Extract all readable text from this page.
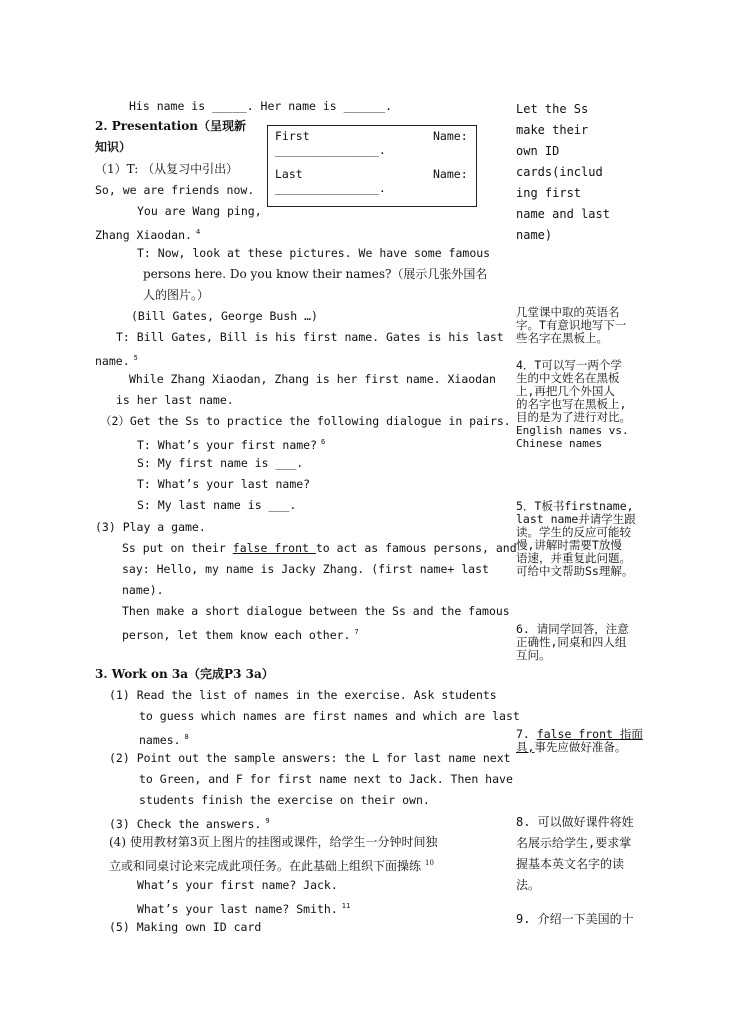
His name is _____. Her name is ______.
2. Presentation（呈现新
知识）
First	Name:
_______________.
Last	Name:
_______________.
（1）T: （从复习中引出）
So, we are friends now.
You are Wang ping,
Zhang Xiaodan. $^4$
T: Now, look at these pictures. We have some famous
persons here. Do you know their names?（展示几张外国名
人的图片。）
(Bill Gates, George Bush …)
T: Bill Gates, Bill is his first name. Gates is his last
name. $^5$
While Zhang Xiaodan, Zhang is her first name. Xiaodan
is her last name.
（2）Get the Ss to practice the following dialogue in pairs.
T: What’s your first name? $^6$
S: My first name is ___.
T: What’s your last name?
S: My last name is ___.
(3) Play a game.
Ss put on their false front to act as famous persons, and
say: Hello, my name is Jacky Zhang. (first name+ last
name).
Then make a short dialogue between the Ss and the famous
person, let them know each other. $^7$
3. Work on 3a（完成P3 3a）
(1) Read the list of names in the exercise. Ask students
to guess which names are first names and which are last
names. $^8$
(2) Point out the sample answers: the L for last name next
to Green, and F for first name next to Jack. Then have
students finish the exercise on their own.
(3) Check the answers. $^9$
(4) 使用教材第3页上图片的挂图或课件，给学生一分钟时间独
立或和同桌讨论来完成此项任务。在此基础上组织下面操练 $^{10}$
What’s your first name? Jack.
What’s your last name? Smith. $^{11}$
(5) Making own ID card
Let the Ss
make their
own ID
cards(includ
ing first
name and last
name)
几堂课中取的英语名
字。T有意识地写下一
些名字在黑板上。
4．T可以写一两个学
生的中文姓名在黑板
上,再把几个外国人
的名字也写在黑板上,
目的是为了进行对比。
English names vs.
Chinese names
5．T板书firstname,
last name并请学生跟
读。学生的反应可能较
慢,讲解时需要T放慢
语速，并重复此问题。
可给中文帮助Ss理解。
6. 请同学回答，注意
正确性,同桌和四人组
互问。
7. false front 指面
具,事先应做好准备。
8. 可以做好课件将姓
名展示给学生,要求掌
握基本英文名字的读
法。
9. 介绍一下美国的十
